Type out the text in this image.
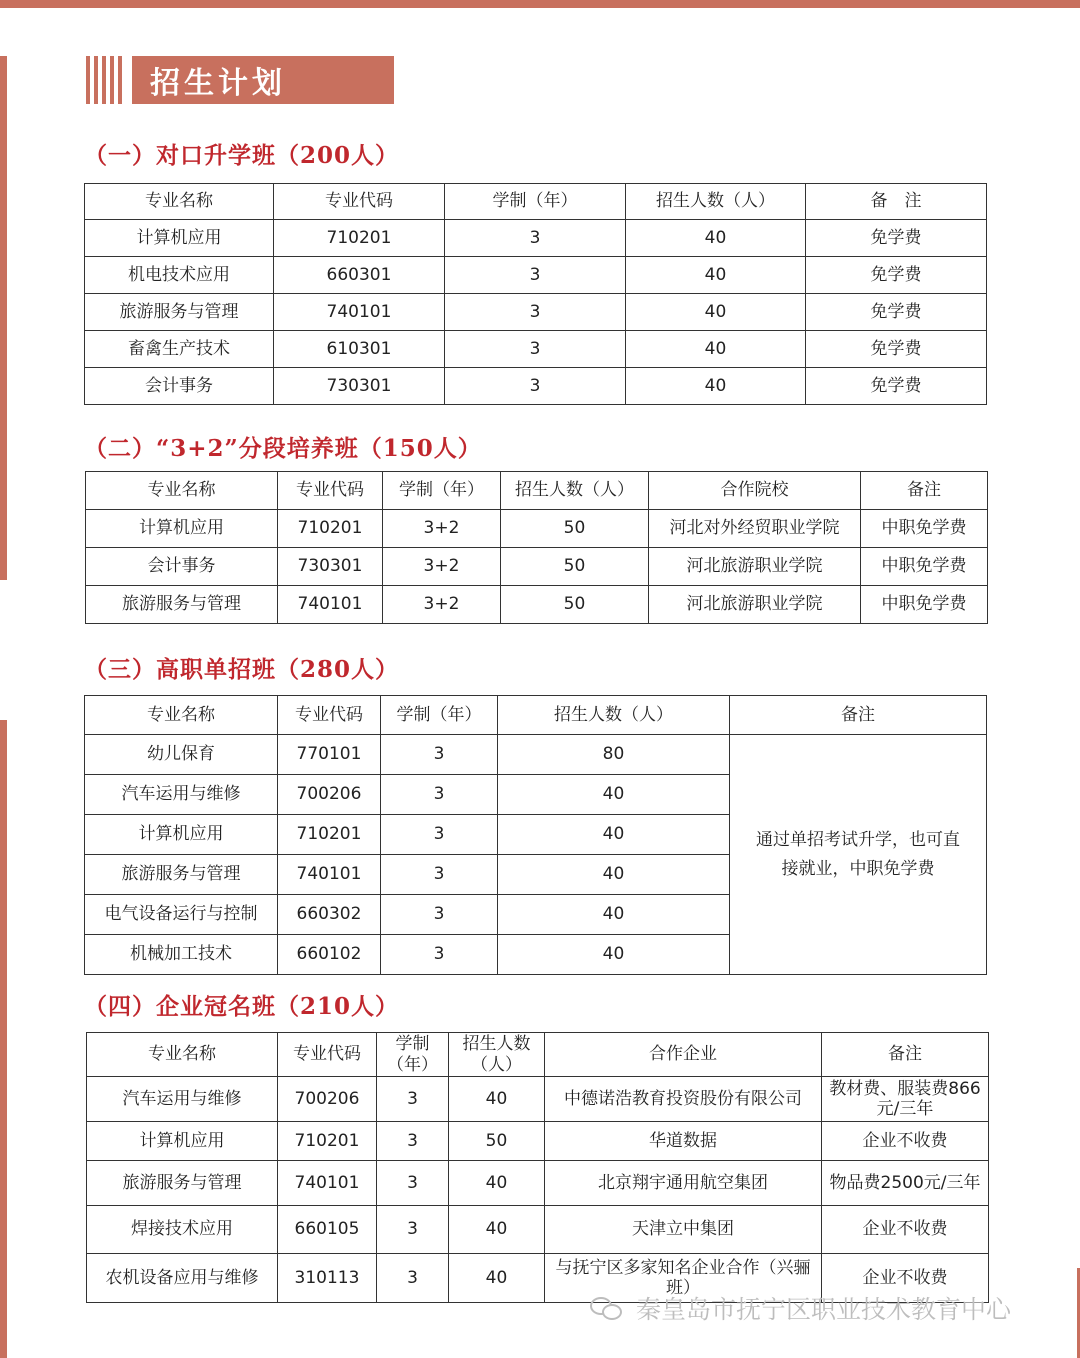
招生计划
（一）对口升学班（200人）
专业名称	专业代码	学制（年）	招生人数（人）	备　注
计算机应用	710201	3	40	免学费
机电技术应用	660301	3	40	免学费
旅游服务与管理	740101	3	40	免学费
畜禽生产技术	610301	3	40	免学费
会计事务	730301	3	40	免学费
（二）“3+2”分段培养班（150人）
专业名称	专业代码	学制（年）	招生人数（人）	合作院校	备注
计算机应用	710201	3+2	50	河北对外经贸职业学院	中职免学费
会计事务	730301	3+2	50	河北旅游职业学院	中职免学费
旅游服务与管理	740101	3+2	50	河北旅游职业学院	中职免学费
（三）高职单招班（280人）
专业名称	专业代码	学制（年）	招生人数（人）	备注
幼儿保育	770101	3	80	通过单招考试升学，也可直接就业，中职免学费
汽车运用与维修	700206	3	40	
计算机应用	710201	3	40	
旅游服务与管理	740101	3	40	
电气设备运行与控制	660302	3	40	
机械加工技术	660102	3	40	
（四）企业冠名班（210人）
专业名称	专业代码	学制（年）	招生人数（人）	合作企业	备注
汽车运用与维修	700206	3	40	中德诺浩教育投资股份有限公司	教材费、服装费866元/三年
计算机应用	710201	3	50	华道数据	企业不收费
旅游服务与管理	740101	3	40	北京翔宇通用航空集团	物品费2500元/三年
焊接技术应用	660105	3	40	天津立中集团	企业不收费
农机设备应用与维修	310113	3	40	与抚宁区多家知名企业合作（兴骊班）	企业不收费
秦皇岛市抚宁区职业技术教育中心
